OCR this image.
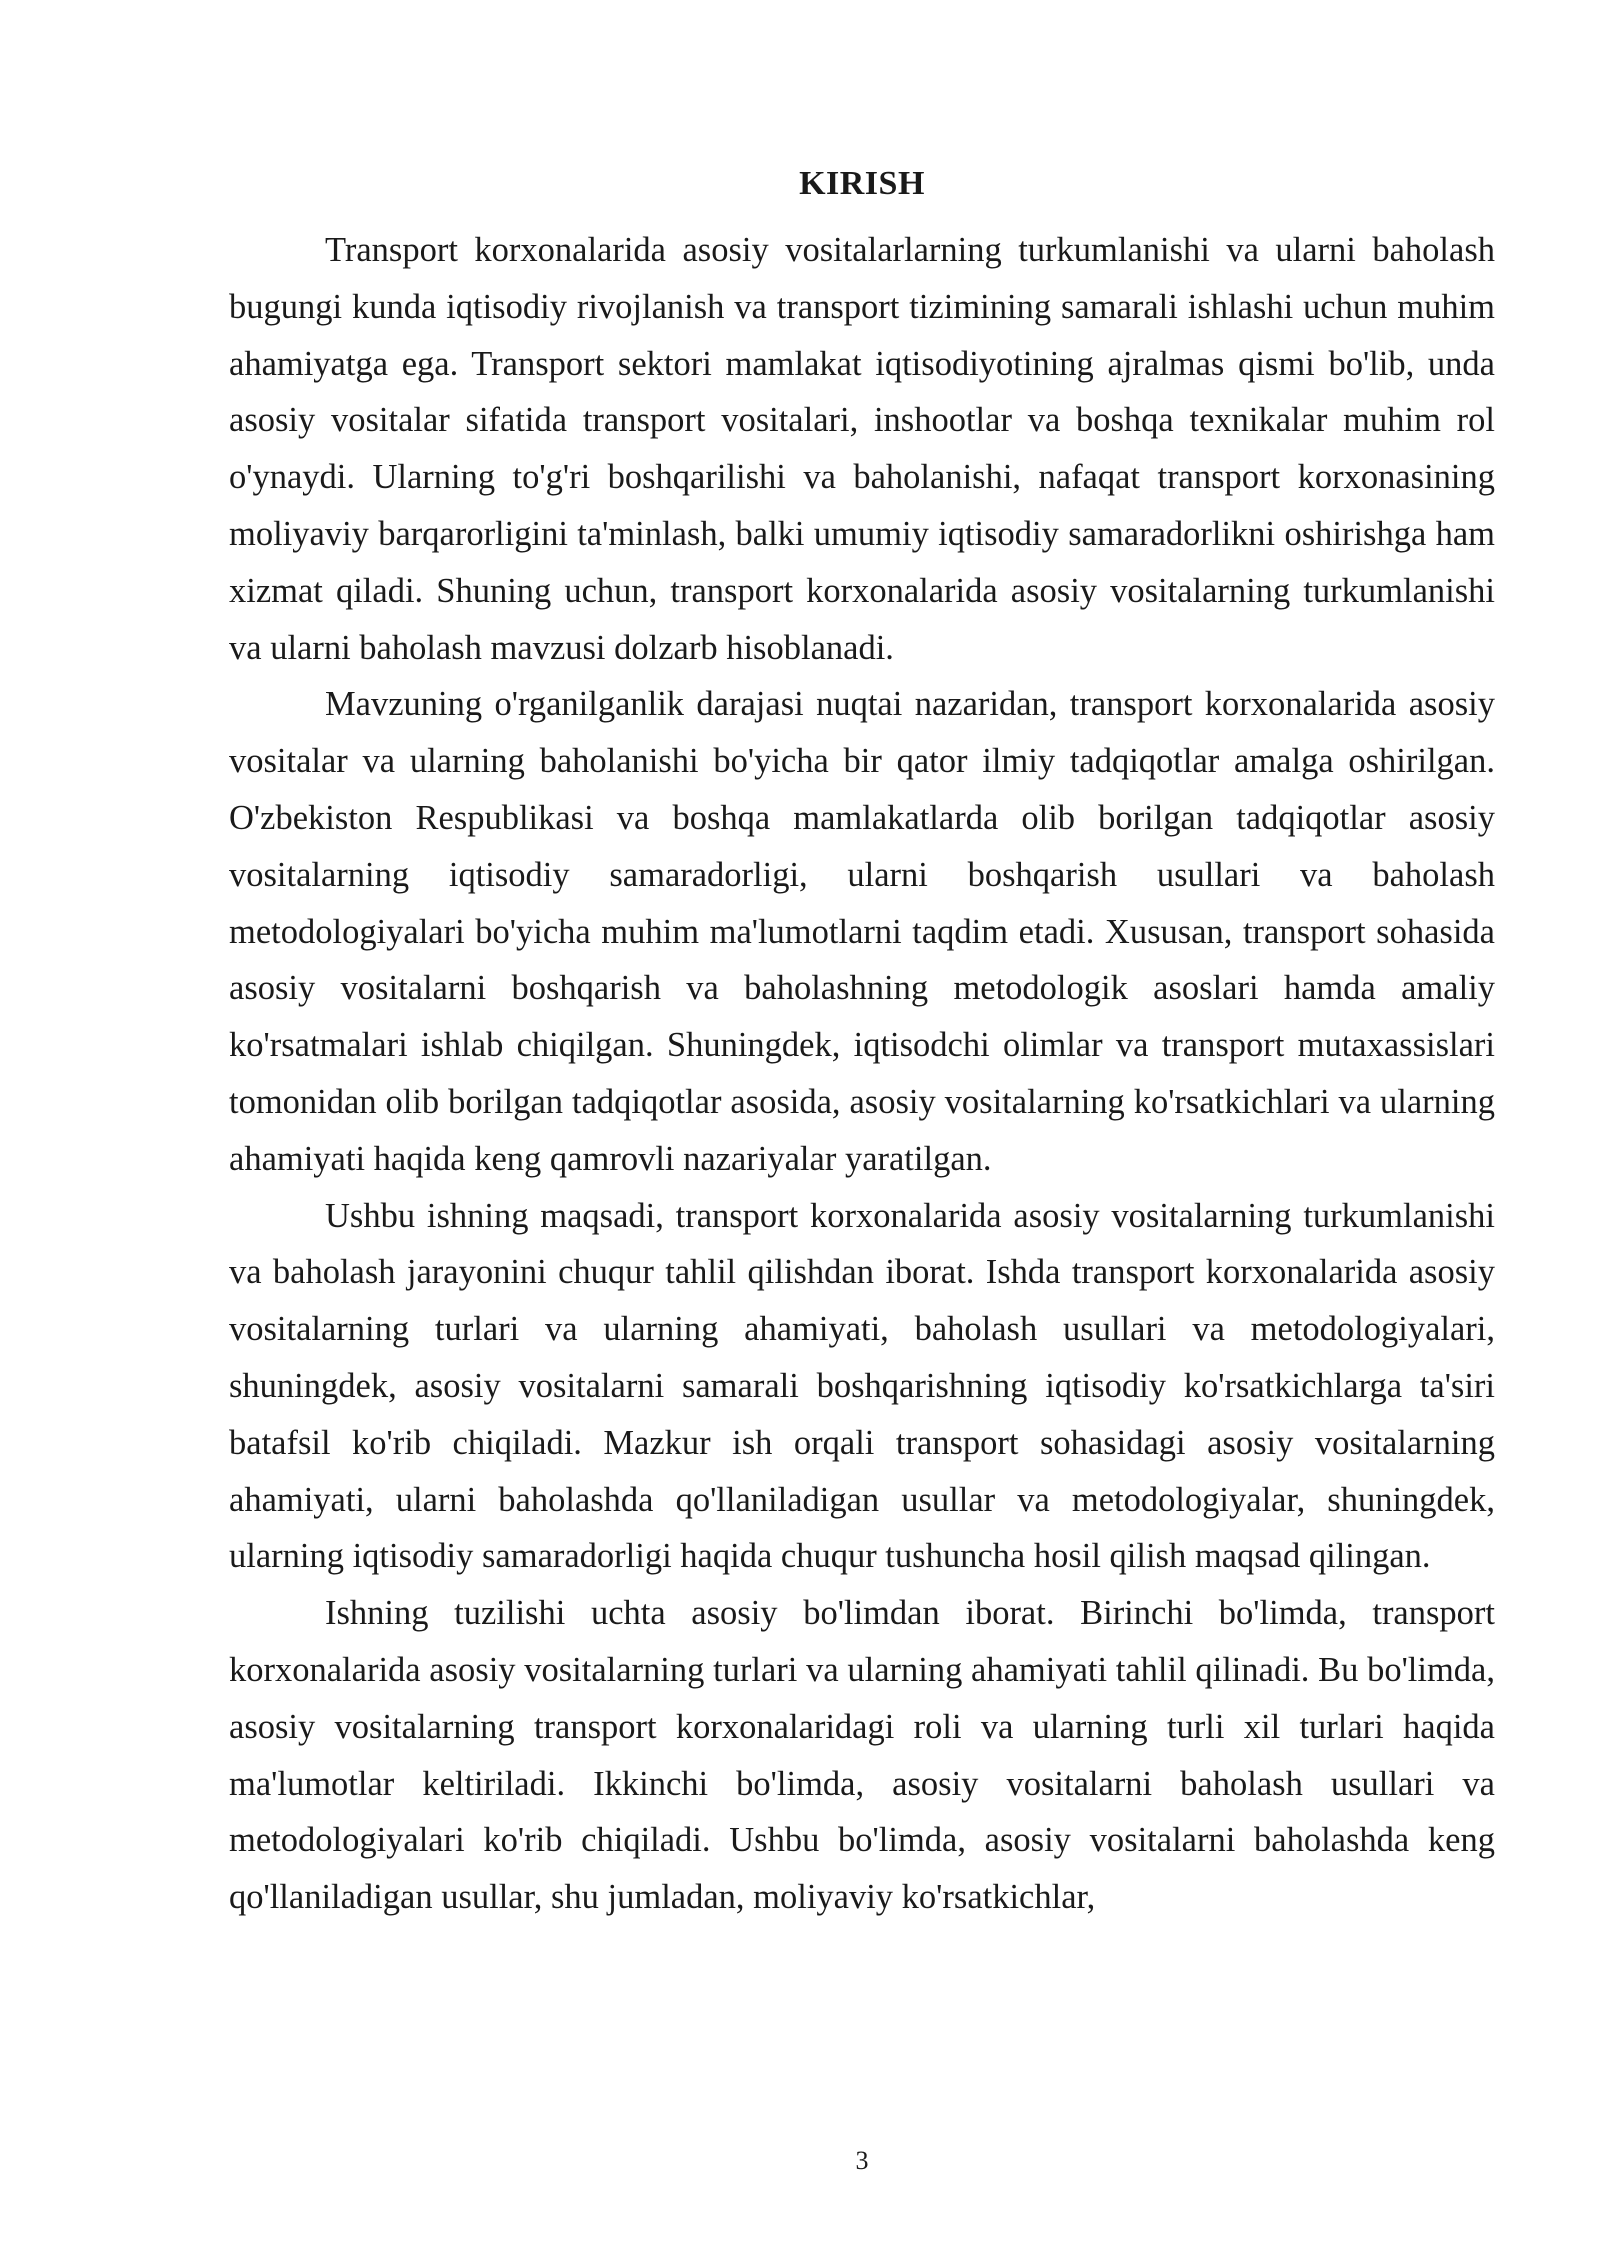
KIRISH

Transport korxonalarida asosiy vositalarlarning turkumlanishi va ularni baholash bugungi kunda iqtisodiy rivojlanish va transport tizimining samarali ishlashi uchun muhim ahamiyatga ega. Transport sektori mamlakat iqtisodiyotining ajralmas qismi bo'lib, unda asosiy vositalar sifatida transport vositalari, inshootlar va boshqa texnikalar muhim rol o'ynaydi. Ularning to'g'ri boshqarilishi va baholanishi, nafaqat transport korxonasining moliyaviy barqarorligini ta'minlash, balki umumiy iqtisodiy samaradorlikni oshirishga ham xizmat qiladi. Shuning uchun, transport korxonalarida asosiy vositalarning turkumlanishi va ularni baholash mavzusi dolzarb hisoblanadi.

Mavzuning o'rganilganlik darajasi nuqtai nazaridan, transport korxonalarida asosiy vositalar va ularning baholanishi bo'yicha bir qator ilmiy tadqiqotlar amalga oshirilgan. O'zbekiston Respublikasi va boshqa mamlakatlarda olib borilgan tadqiqotlar asosiy vositalarning iqtisodiy samaradorligi, ularni boshqarish usullari va baholash metodologiyalari bo'yicha muhim ma'lumotlarni taqdim etadi. Xususan, transport sohasida asosiy vositalarni boshqarish va baholashning metodologik asoslari hamda amaliy ko'rsatmalari ishlab chiqilgan. Shuningdek, iqtisodchi olimlar va transport mutaxassislari tomonidan olib borilgan tadqiqotlar asosida, asosiy vositalarning ko'rsatkichlari va ularning ahamiyati haqida keng qamrovli nazariyalar yaratilgan.

Ushbu ishning maqsadi, transport korxonalarida asosiy vositalarning turkumlanishi va baholash jarayonini chuqur tahlil qilishdan iborat. Ishda transport korxonalarida asosiy vositalarning turlari va ularning ahamiyati, baholash usullari va metodologiyalari, shuningdek, asosiy vositalarni samarali boshqarishning iqtisodiy ko'rsatkichlarga ta'siri batafsil ko'rib chiqiladi. Mazkur ish orqali transport sohasidagi asosiy vositalarning ahamiyati, ularni baholashda qo'llaniladigan usullar va metodologiyalar, shuningdek, ularning iqtisodiy samaradorligi haqida chuqur tushuncha hosil qilish maqsad qilingan.

Ishning tuzilishi uchta asosiy bo'limdan iborat. Birinchi bo'limda, transport korxonalarida asosiy vositalarning turlari va ularning ahamiyati tahlil qilinadi. Bu bo'limda, asosiy vositalarning transport korxonalaridagi roli va ularning turli xil turlari haqida ma'lumotlar keltiriladi. Ikkinchi bo'limda, asosiy vositalarni baholash usullari va metodologiyalari ko'rib chiqiladi. Ushbu bo'limda, asosiy vositalarni baholashda keng qo'llaniladigan usullar, shu jumladan, moliyaviy ko'rsatkichlar,

3
